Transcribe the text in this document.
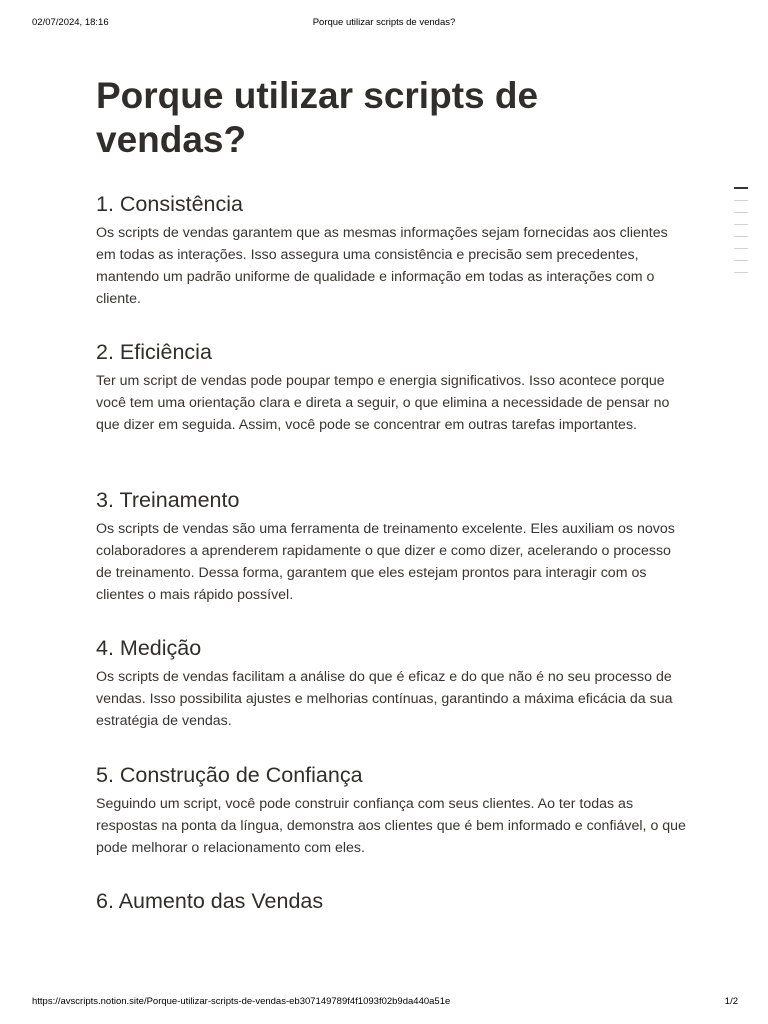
02/07/2024, 18:16	Porque utilizar scripts de vendas?
Porque utilizar scripts de vendas?
1. Consistência

Os scripts de vendas garantem que as mesmas informações sejam fornecidas aos clientes em todas as interações. Isso assegura uma consistência e precisão sem precedentes, mantendo um padrão uniforme de qualidade e informação em todas as interações com o cliente.

2. Eficiência

Ter um script de vendas pode poupar tempo e energia significativos. Isso acontece porque você tem uma orientação clara e direta a seguir, o que elimina a necessidade de pensar no que dizer em seguida. Assim, você pode se concentrar em outras tarefas importantes.

3. Treinamento

Os scripts de vendas são uma ferramenta de treinamento excelente. Eles auxiliam os novos colaboradores a aprenderem rapidamente o que dizer e como dizer, acelerando o processo de treinamento. Dessa forma, garantem que eles estejam prontos para interagir com os clientes o mais rápido possível.

4. Medição

Os scripts de vendas facilitam a análise do que é eficaz e do que não é no seu processo de vendas. Isso possibilita ajustes e melhorias contínuas, garantindo a máxima eficácia da sua estratégia de vendas.

5. Construção de Confiança

Seguindo um script, você pode construir confiança com seus clientes. Ao ter todas as respostas na ponta da língua, demonstra aos clientes que é bem informado e confiável, o que pode melhorar o relacionamento com eles.

6. Aumento das Vendas
https://avscripts.notion.site/Porque-utilizar-scripts-de-vendas-eb307149789f4f1093f02b9da440a51e	1/2
